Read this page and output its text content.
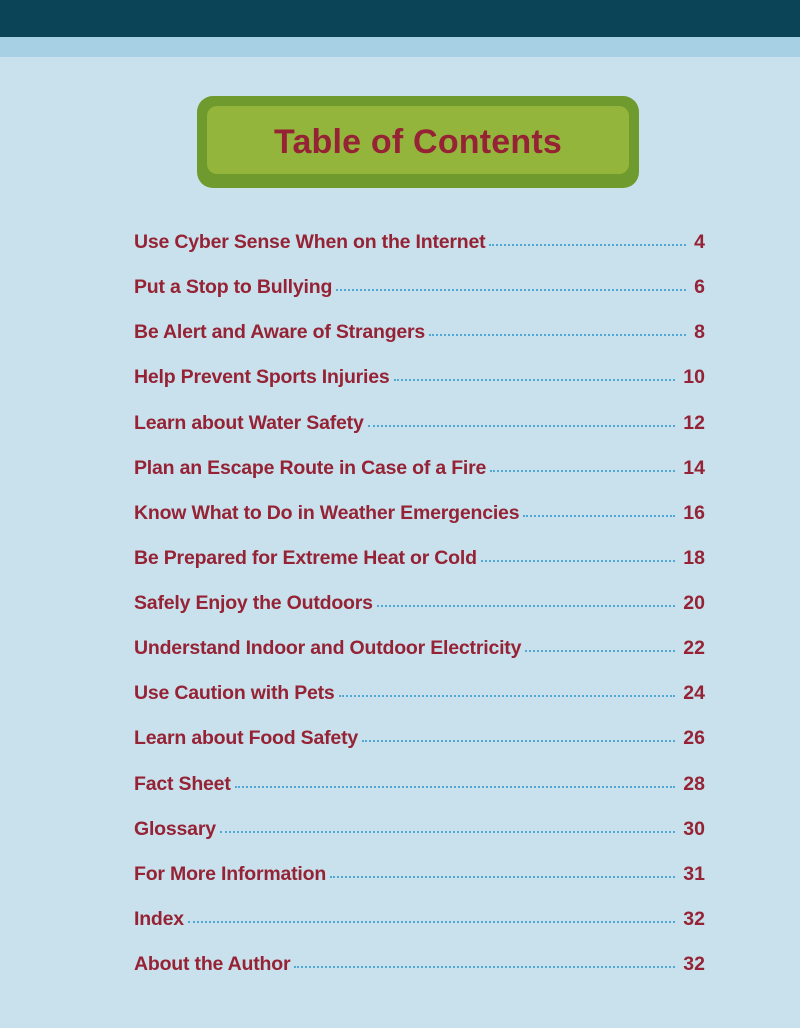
Table of Contents
Use Cyber Sense When on the Internet	4
Put a Stop to Bullying	6
Be Alert and Aware of Strangers	8
Help Prevent Sports Injuries	10
Learn about Water Safety	12
Plan an Escape Route in Case of a Fire	14
Know What to Do in Weather Emergencies	16
Be Prepared for Extreme Heat or Cold	18
Safely Enjoy the Outdoors	20
Understand Indoor and Outdoor Electricity	22
Use Caution with Pets	24
Learn about Food Safety	26
Fact Sheet	28
Glossary	30
For More Information	31
Index	32
About the Author	32
